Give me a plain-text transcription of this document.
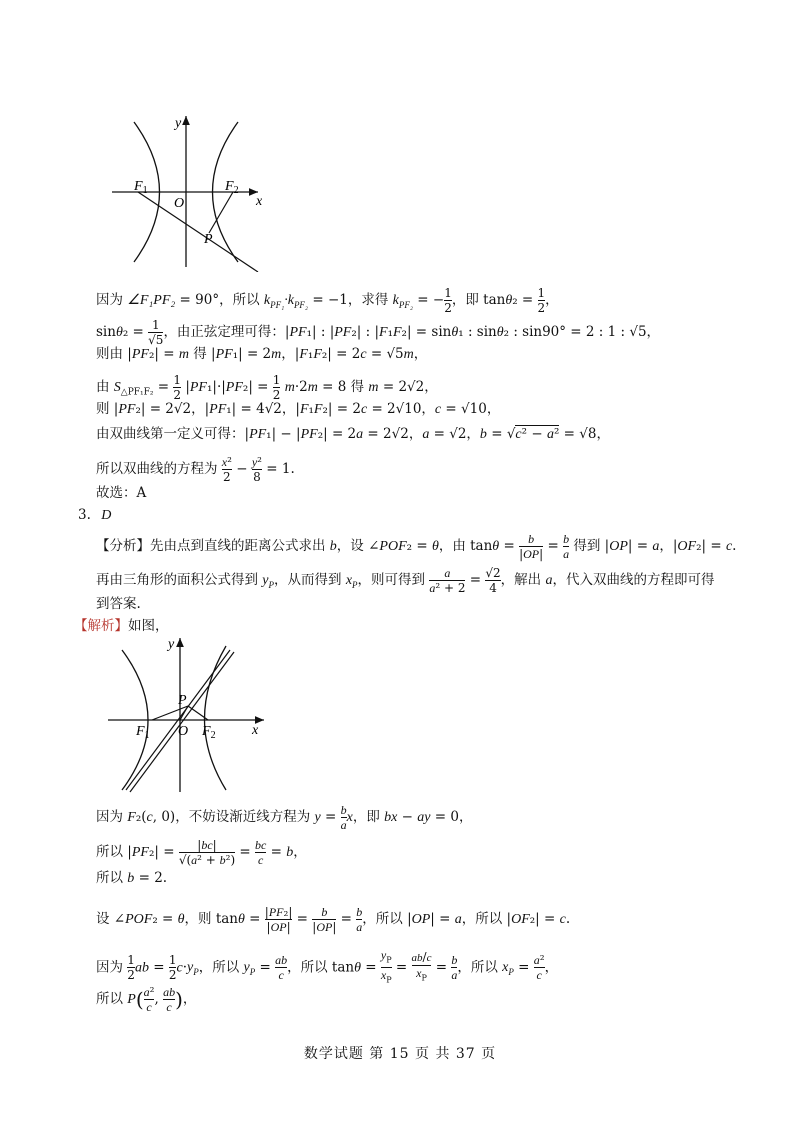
y
x
O
$F_1$	$F_2$
P
因为 ∠F₁PF₂ = 90°，所以 $k_{PF_1}\cdot k_{PF_2} = -1$，求得 $k_{PF_2}$ = − $\frac{1}{2}$ ，即 $\tan\theta_2 = \frac{1}{2}$ ，
$\sin\theta_2 = \frac{1}{√5}$ ，由正弦定理可得：|PF₁| : |PF₂| : |F₁F₂| = sinθ₁ : sinθ₂ : sin90° = 2 : 1 : √5，
则由 |PF₂| = m 得 |PF₁| = 2m，|F₁F₂| = 2c = √5m，
由 $S_{\triangle PF_1F_2} = \frac{1}{2} |PF_1|\cdot|PF_2| = \frac{1}{2} m\cdot 2m = 8$ 得 m = 2√2，
则 |PF₂| = 2√2，|PF₁| = 4√2，|F₁F₂| = 2c = 2√10，c = √10，
由双曲线第一定义可得：|PF₁| − |PF₂| = 2a = 2√2，a = √2，b = √c² − a² = √8，
所以双曲线的方程为 $\frac{\text{x²}}{2} - \frac{\text{y²}}{8} = 1$.
故选：A
3. D
【分析】先由点到直线的距离公式求出 b，设 ∠POF₂ = θ，由 $\tan\theta = \frac{b}{|OP|} = \frac{b}{a}$ 得到 |OP| = a，|OF₂| = c.
再由三角形的面积公式得到 $y_P$，从而得到 $x_P$，则可得到 $\frac{a}{\text{a² + 2}} = \frac{√2}{4}$ ，解出 a，代入双曲线的方程即可得
到答案.
【解析】如图，
y
x
O
P
$F_1$	$F_2$
因为 F₂(c, 0)，不妨设渐近线方程为 $y = \frac{b}{a}$ x，即 bx − ay = 0，
所以 $|PF_2| = \frac{|bc|}{\text{√(a² + b²)}} = \frac{bc}{c} = b$，
所以 b = 2.
设 ∠POF₂ = θ，则 $\tan\theta = \frac{\text{|PF₂|}}{|OP|} = \frac{b}{|OP|} = \frac{b}{a}$ ，所以 |OP| = a，所以 |OF₂| = c.
因为 $\frac{1}{2}$ ab = $\frac{1}{2} c\cdot y_P$，所以 $y_P = \frac{ab}{c}$ ，所以 $\tan\theta = \frac{y_P}{x_P} = \frac{ab/c}{x_P} = \frac{b}{a}$ ，所以 $x_P = \frac{\text{a²}}{c}$ ，
所以 $P( \frac{\text{a²}}{c}$ , $\frac{ab}{c}$ )，
数学试题 第 15 页 共 37 页
